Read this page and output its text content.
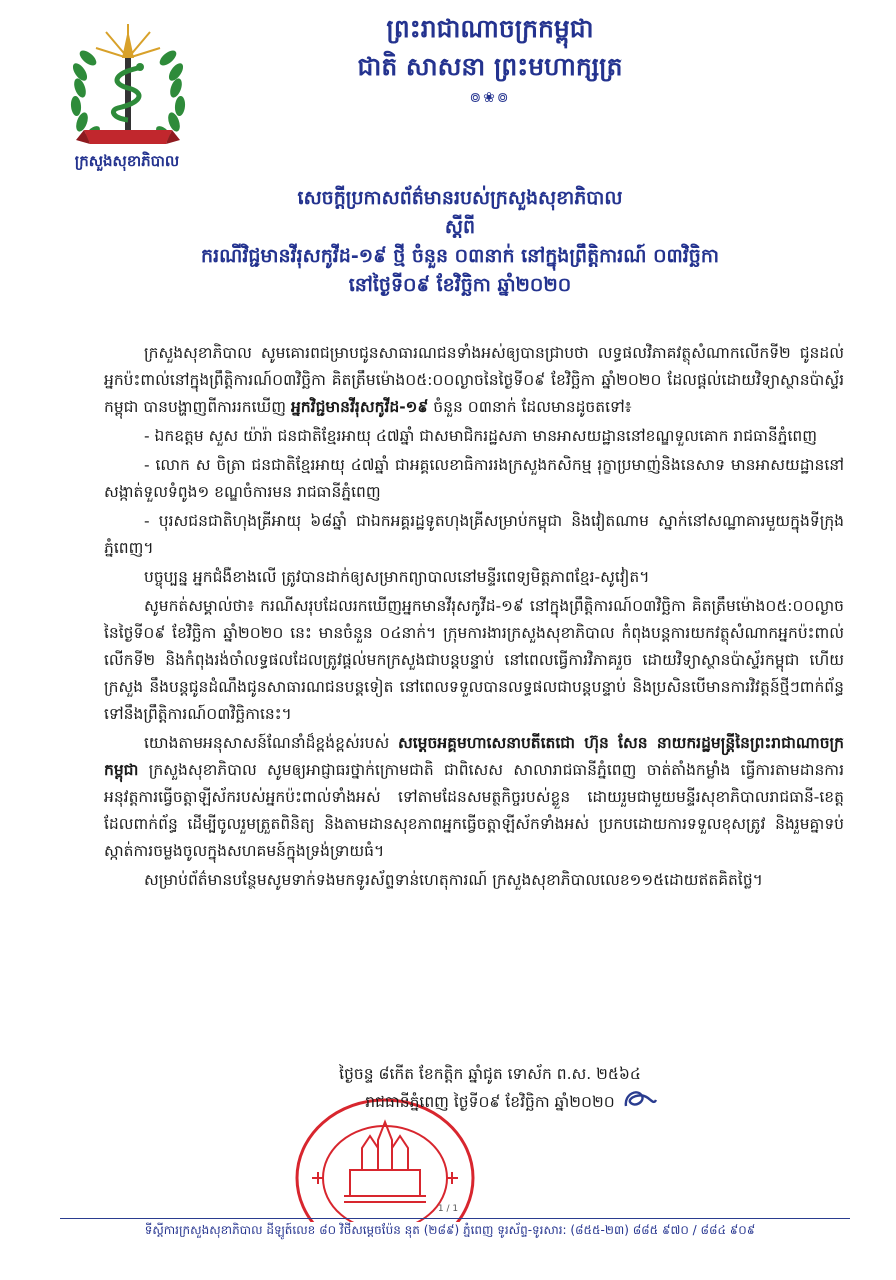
ក្រសួងសុខាភិបាល
ព្រះរាជាណាចក្រកម្ពុជា
ជាតិ សាសនា ព្រះមហាក្សត្រ
៙❀៙
សេចក្ដីប្រកាសព័ត៌មានរបស់ក្រសួងសុខាភិបាល
ស្ដីពី
ករណីវិជ្ជមានវីរុសកូវីដ-១៩ ថ្មី ចំនួន ០៣នាក់ នៅក្នុងព្រឹត្តិការណ៍ ០៣វិច្ឆិកា
នៅថ្ងៃទី០៩ ខែវិច្ឆិកា ឆ្នាំ២០២០

ក្រសួងសុខាភិបាល សូមគោរពជម្រាបជូនសាធារណជនទាំងអស់ឲ្យបានជ្រាបថា លទ្ធផលវិភាគវត្ថុសំណាកលើកទី២ ជូនដល់អ្នកប៉ះពាល់នៅក្នុងព្រឹត្តិការណ៍០៣វិច្ឆិកា គិតត្រឹមម៉ោង០៥:០០ល្ងាចនៃថ្ងៃទី០៩ ខែវិច្ឆិកា ឆ្នាំ២០២០ ដែលផ្ដល់ដោយវិទ្យាស្ថានប៉ាស្ទ័រកម្ពុជា បានបង្ហាញពីការរកឃើញ អ្នកវិជ្ជមានវីរុសកូវីដ-១៩ ចំនួន ០៣នាក់ ដែលមានដូចតទៅ៖

- ឯកឧត្តម សួស យ៉ារ៉ា ជនជាតិខ្មែរអាយុ ៤៧ឆ្នាំ ជាសមាជិករដ្ឋសភា មានអាសយដ្ឋាននៅខណ្ឌទួលគោក រាជធានីភ្នំពេញ

- លោក ស ចិត្រា ជនជាតិខ្មែរអាយុ ៤៧ឆ្នាំ ជាអគ្គលេខាធិការរងក្រសួងកសិកម្ម រុក្ខាប្រមាញ់និងនេសាទ មានអាសយដ្ឋាននៅសង្កាត់ទួលទំពូង១ ខណ្ឌចំការមន រាជធានីភ្នំពេញ

- បុរសជនជាតិហុងគ្រីអាយុ ៦៨ឆ្នាំ ជាឯកអគ្គរដ្ឋទូតហុងគ្រីសម្រាប់កម្ពុជា និងវៀតណាម ស្នាក់នៅសណ្ឋាគារមួយក្នុងទីក្រុងភ្នំពេញ។

បច្ចុប្បន្ន អ្នកជំងឺខាងលើ ត្រូវបានដាក់ឲ្យសម្រាកព្យាបាលនៅមន្ទីរពេទ្យមិត្តភាពខ្មែរ-សូវៀត។

សូមកត់សម្គាល់ថា៖ ករណីសរុបដែលរកឃើញអ្នកមានវីរុសកូវីដ-១៩ នៅក្នុងព្រឹត្តិការណ៍០៣វិច្ឆិកា គិតត្រឹមម៉ោង០៥:០០ល្ងាចនៃថ្ងៃទី០៩ ខែវិច្ឆិកា ឆ្នាំ២០២០ នេះ មានចំនួន ០៤នាក់។ ក្រុមការងារក្រសួងសុខាភិបាល កំពុងបន្តការយកវត្ថុសំណាកអ្នកប៉ះពាល់លើកទី២ និងកំពុងរង់ចាំលទ្ធផលដែលត្រូវផ្ដល់មកក្រសួងជាបន្តបន្ទាប់ នៅពេលធ្វើការវិភាគរួច ដោយវិទ្យាស្ថានប៉ាស្ទ័រកម្ពុជា ហើយក្រសួង នឹងបន្តជូនដំណឹងជូនសាធារណជនបន្តទៀត នៅពេលទទួលបានលទ្ធផលជាបន្តបន្ទាប់ និងប្រសិនបើមានការវិវត្តន៍ថ្មីៗពាក់ព័ន្ធទៅនឹងព្រឹត្តិការណ៍០៣វិច្ឆិកានេះ។

យោងតាមអនុសាសន៍ណែនាំដ៏ខ្ពង់ខ្ពស់របស់ សម្ដេចអគ្គមហាសេនាបតីតេជោ ហ៊ុន សែន នាយករដ្ឋមន្ត្រីនៃព្រះរាជាណាចក្រកម្ពុជា ក្រសួងសុខាភិបាល សូមឲ្យអាជ្ញាធរថ្នាក់ក្រោមជាតិ ជាពិសេស សាលារាជធានីភ្នំពេញ ចាត់តាំងកម្លាំង ធ្វើការតាមដានការអនុវត្តការធ្វើចត្តាឡីស័ករបស់អ្នកប៉ះពាល់ទាំងអស់ ទៅតាមដែនសមត្ថកិច្ចរបស់ខ្លួន ដោយរួមជាមួយមន្ទីរសុខាភិបាលរាជធានី-ខេត្ត ដែលពាក់ព័ន្ធ ដើម្បីចូលរួមត្រួតពិនិត្យ និងតាមដានសុខភាពអ្នកធ្វើចត្តាឡីស័កទាំងអស់ ប្រកបដោយការទទួលខុសត្រូវ និងរួមគ្នាទប់ស្កាត់ការចម្លងចូលក្នុងសហគមន៍ក្នុងទ្រង់ទ្រាយធំ។

សម្រាប់ព័ត៌មានបន្ថែមសូមទាក់ទងមកទូរស័ព្ទទាន់ហេតុការណ៍ ក្រសួងសុខាភិបាលលេខ១១៥ដោយឥតគិតថ្លៃ។

ថ្ងៃចន្ទ ៨កើត ខែកត្តិក ឆ្នាំជូត ទោស័ក ព.ស. ២៥៦៤
រាជធានីភ្នំពេញ ថ្ងៃទី០៩ ខែវិច្ឆិកា ឆ្នាំ២០២០
1 / 1
ទីស្ដីការក្រសួងសុខាភិបាល ដីឡូត៍លេខ ៨០ វិថីសម្ដេចប៉ែន នុត (២៨៩) ភ្នំពេញ ទូរស័ព្ទ-ទូរសារ: (៨៥៥-២៣) ៨៨៥ ៩៧០ / ៨៨៤ ៩០៩
